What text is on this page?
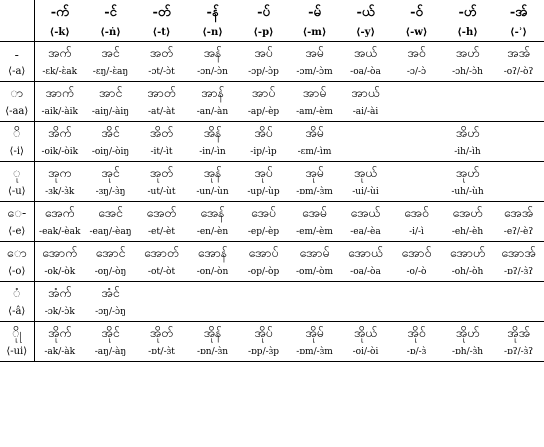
	-က်	-င်	-တ်	-န်	-ပ်	-မ်	-ယ်	-ဝ်	-ဟ်	-အ်
	⟨-k⟩	⟨-ṅ⟩	⟨-t⟩	⟨-n⟩	⟨-p⟩	⟨-m⟩	⟨-y⟩	⟨-w⟩	⟨-h⟩	⟨-ʾ⟩
-	အက်	အင်	အတ်	အန်	အပ်	အမ်	အယ်	အဝ်	အဟ်	အအ်
⟨-a⟩	-ɛk/-ɛ̀ak	-ɛŋ/-ɛ̀aŋ	-ɔt/-ɔ̀t	-ɔn/-ɔ̀n	-ɔp/-ɔ̀p	-ɔm/-ɔ̀m	-oa/-òa	-ɔ/-ɔ̀	-ɔh/-ɔ̀h	-oʔ/-òʔ
ာ	အာက်	အာင်	အာတ်	အာန်	အာပ်	အာမ်	အာယ်			
⟨-aa⟩	-aik/-àik	-aiŋ/-àiŋ	-at/-àt	-an/-àn	-ap/-èp	-am/-èm	-ai/-ài			
ိ	အိက်	အိင်	အိတ်	အိန်	အိပ်	အိမ်			အိဟ်	
⟨-i⟩	-oik/-òik	-oiŋ/-òiŋ	-it/-ìt	-in/-ìn	-ip/-ìp	-ɛm/-ìm			-ih/-ìh	
ု	အုက	အုင်	အုတ်	အုန်	အုပ်	အုမ်	အုယ်		အုဟ်	
⟨-u⟩	-ɜk/-ɜ̀k	-ɜŋ/-ɜ̀ŋ	-ut/-ùt	-un/-ùn	-up/-ùp	-ɒm/-ɜ̀m	-ui/-ùi		-uh/-ùh	
ေ-	အေက်	အေင်	အေတ်	အေန်	အေပ်	အေမ်	အေယ်	အေဝ်	အေဟ်	အေအ်
⟨-e⟩	-eak/-èak	-eaŋ/-èaŋ	-et/-èt	-en/-èn	-ep/-èp	-em/-èm	-ea/-èa	-i/-ì	-eh/-èh	-eʔ/-èʔ
ော	အောက်	အောင်	အောတ်	အောန်	အောပ်	အောမ်	အောယ်	အောဝ်	အောဟ်	အောအ်
⟨-o⟩	-ok/-òk	-oŋ/-òŋ	-ot/-òt	-on/-òn	-op/-òp	-om/-òm	-oa/-òa	-o/-ò	-oh/-òh	-ɒʔ/-ɜ̀ʔ
ံ	အံက်	အံင်								
⟨-â⟩	-ɔk/-ɔ̀k	-ɔŋ/-ɔ̀ŋ								
ိုု	အိုက်	အိုင်	အိုတ်	အိုန်	အိုပ်	အိုမ်	အိုယ်	အိုဝ်	အိုဟ်	အိုအ်
⟨-ui⟩	-ak/-àk	-aŋ/-àŋ	-ɒt/-ɜ̀t	-ɒn/-ɜ̀n	-ɒp/-ɜ̀p	-ɒm/-ɜ̀m	-oi/-òi	-ɒ/-ɜ̀	-ɒh/-ɜ̀h	-ɒʔ/-ɜ̀ʔ
